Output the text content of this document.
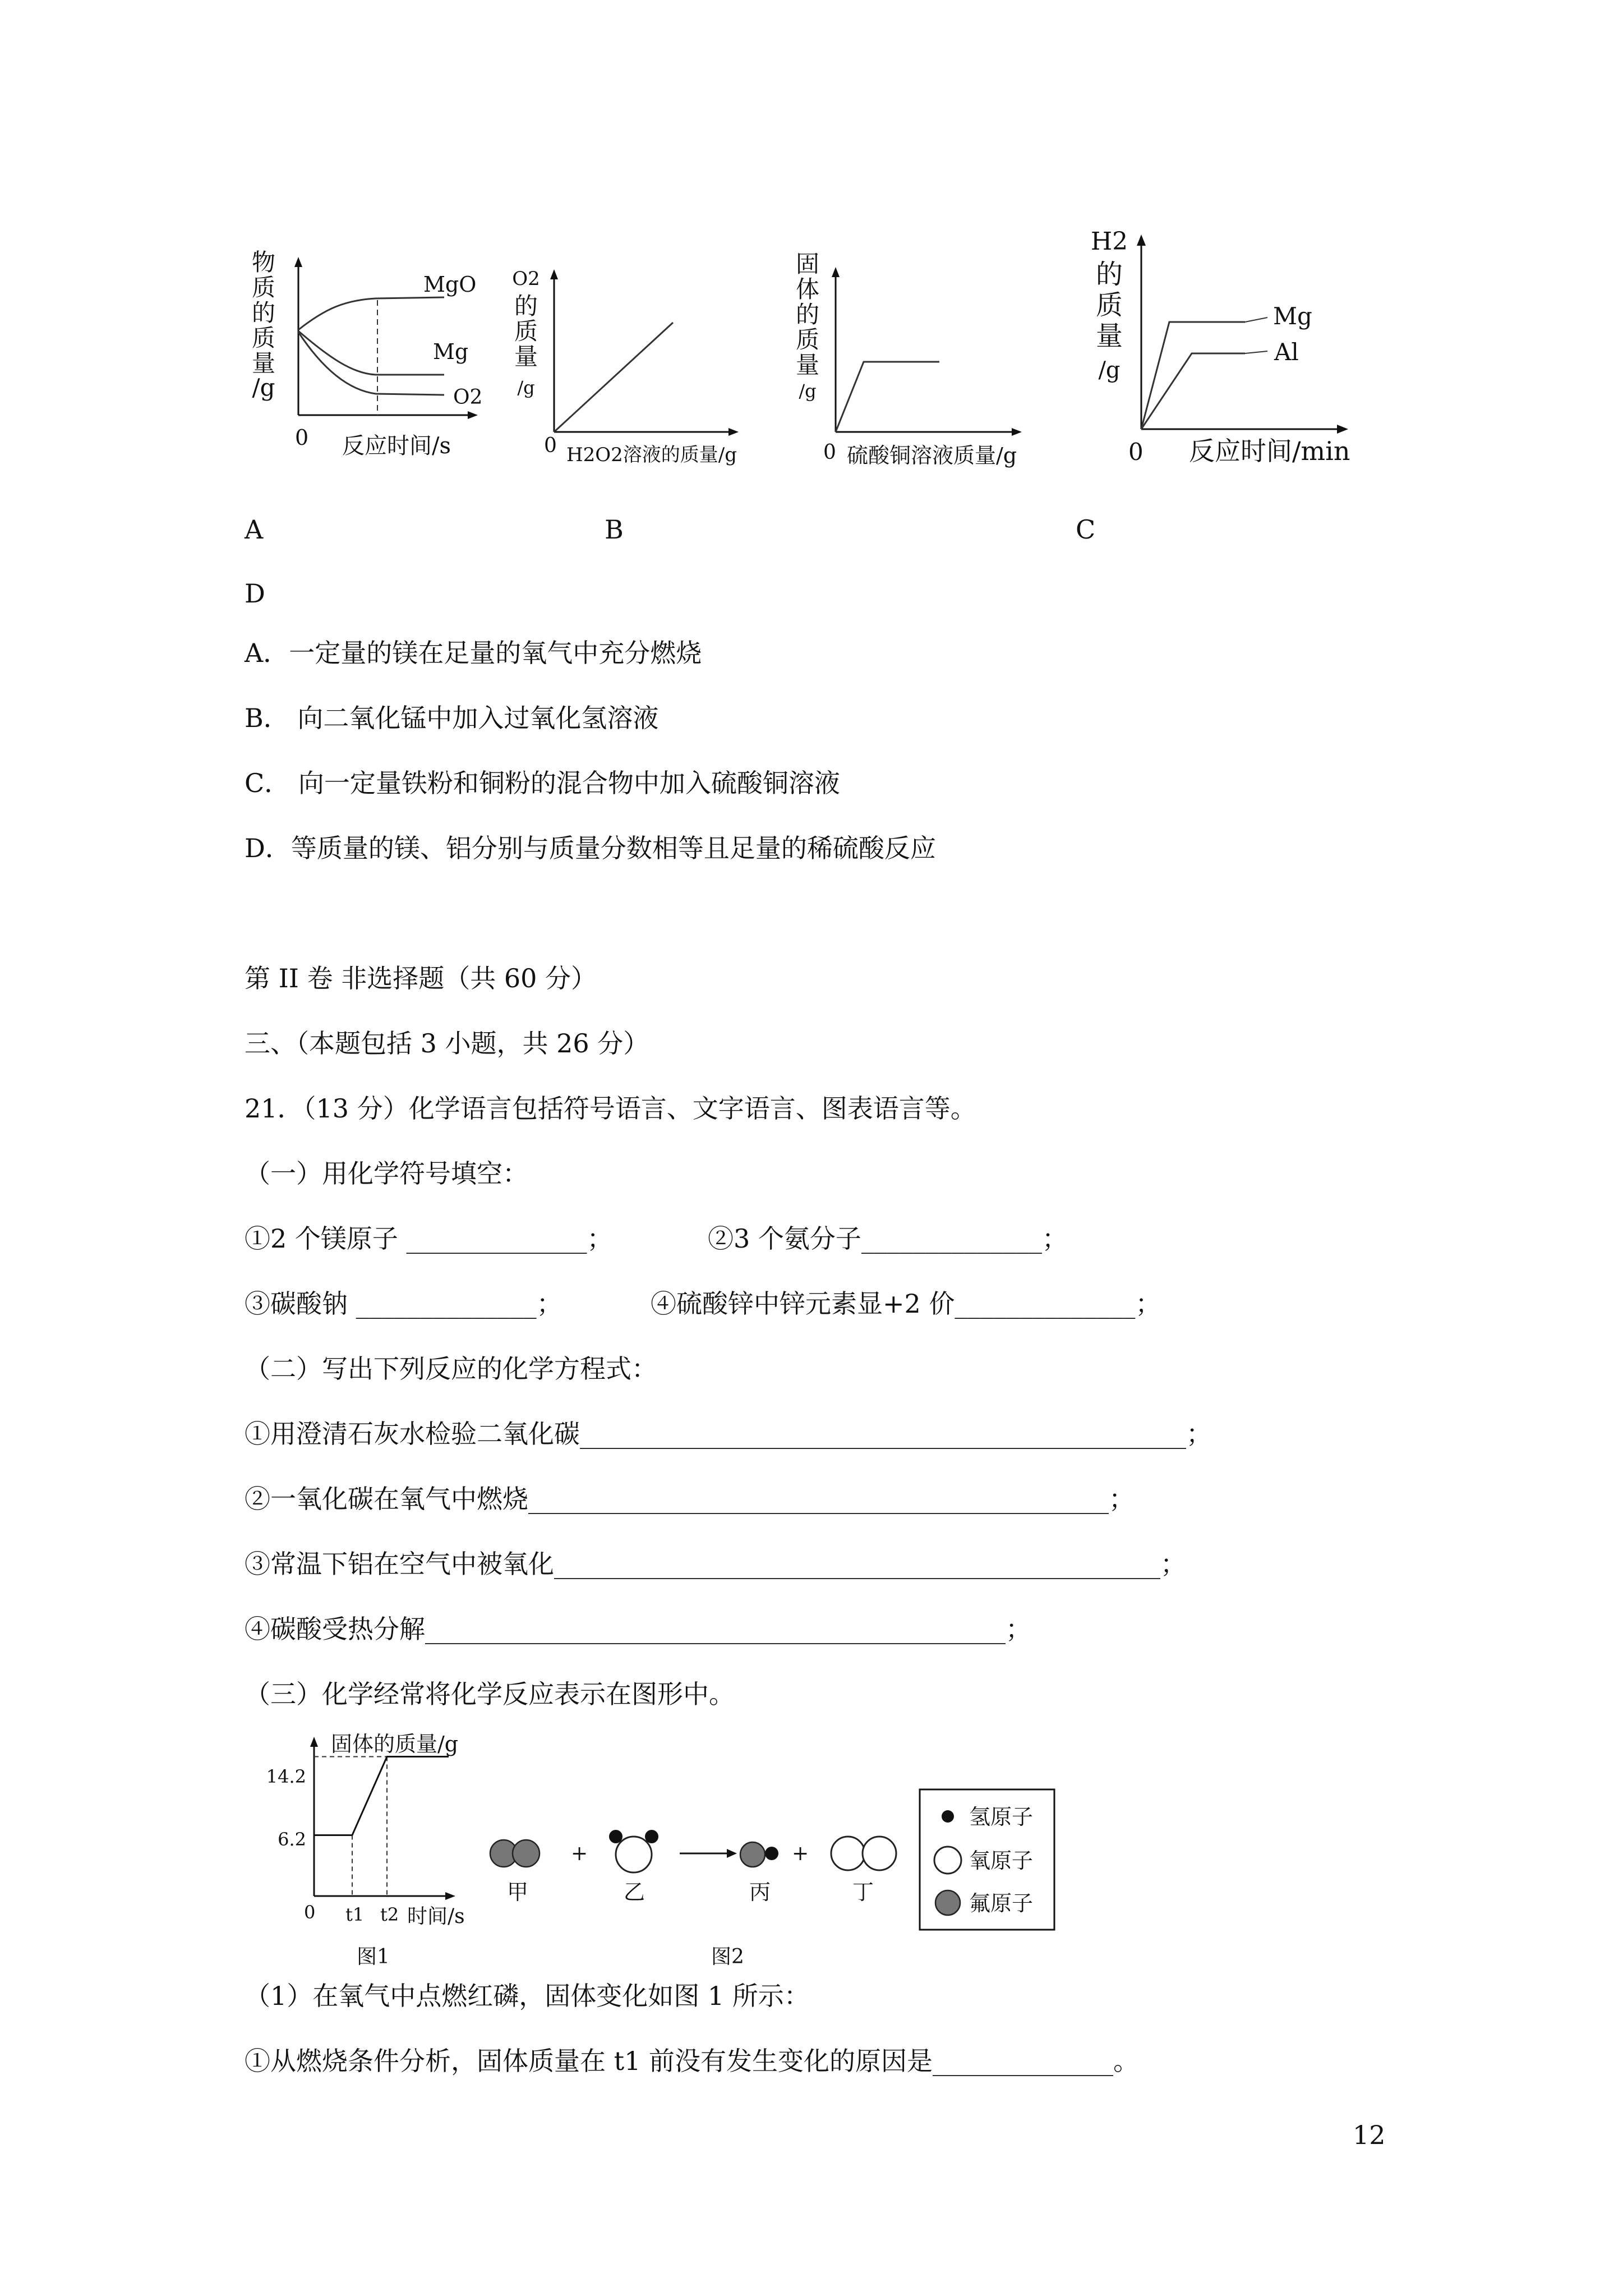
物
质
的
质
量
/g
MgO
Mg
O2
0 反应时间/s
O2
的
质
量
/g
0 H2O2溶液的质量/g
固
体
的
质
量
/g
0 硫酸铜溶液质量/g
H2
的
质
量
/g
Mg
Al
0 反应时间/min
A	B	C
D
A．一定量的镁在足量的氧气中充分燃烧
B． 向二氧化锰中加入过氧化氢溶液
C． 向一定量铁粉和铜粉的混合物中加入硫酸铜溶液
D．等质量的镁、铝分别与质量分数相等且足量的稀硫酸反应
第 II 卷 非选择题（共 60 分）
三、（本题包括 3 小题，共 26 分）
21．（13 分）化学语言包括符号语言、文字语言、图表语言等。
（一）用化学符号填空：
①2 个镁原子 ______________；	②3 个氨分子______________；
③碳酸钠 ______________；	④硫酸锌中锌元素显+2 价______________；
（二）写出下列反应的化学方程式：
①用澄清石灰水检验二氧化碳_______________________________________________；
②一氧化碳在氧气中燃烧_____________________________________________；
③常温下铝在空气中被氧化_______________________________________________；
④碳酸受热分解_____________________________________________；
（三）化学经常将化学反应表示在图形中。
固体的质量/g
14.2
6.2
0 t1 t2 时间/s
图1
甲
+
乙	丙
+
丁
氢原子
氧原子
氟原子
图2
（1）在氧气中点燃红磷，固体变化如图 1 所示：
①从燃烧条件分析，固体质量在 t1 前没有发生变化的原因是______________。
12
